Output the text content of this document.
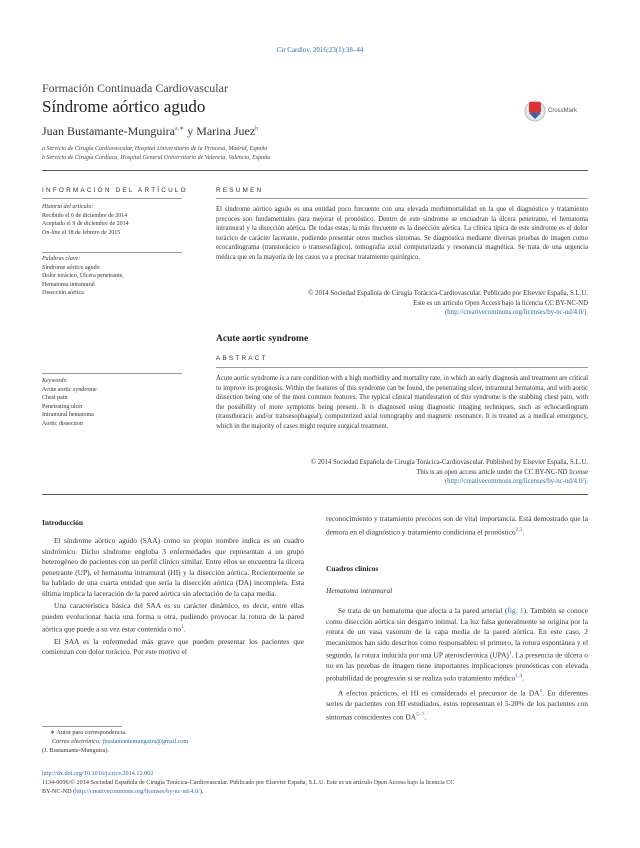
Cir Cardiov. 2016;23(1):38–44
Formación Continuada Cardiovascular
Síndrome aórtico agudo	CrossMark
Juan Bustamante-Munguira$^{a,∗}$ y Marina Juez$^b$
a Servicio de Cirugía Cardiovascular, Hospital Universitario de la Princesa, Madrid, España
b Servicio de Cirugía Cardíaca, Hospital General Universitario de Valencia, Valencia, España
INFORMACIÓN DEL ARTÍCULO
Historia del artículo:
Recibido el 6 de diciembre de 2014
Aceptado el 9 de diciembre de 2014
On-line el 18 de febrero de 2015
Palabras clave:
Síndrome aórtico agudo
Dolor torácico, Úlcera penetrante,
Hematoma intramural
Disección aórtica
Keywords:
Acute aortic syndrome
Chest pain
Penetrating ulcer
Intramural hematoma
Aortic dissection
RESUMEN
El síndrome aórtico agudo es una entidad poco frecuente con una elevada morbimortalidad en la que el diagnóstico y tratamiento precoces son fundamentales para mejorar el pronóstico. Dentro de este síndrome se encuadran la úlcera penetrante, el hematoma intramural y la disección aórtica. De todas estas, la más frecuente es la disección aórtica. La clínica típica de este síndrome es el dolor torácico de carácter lacerante, pudiendo presentar otros muchos síntomas. Se diagnostica mediante diversas pruebas de imagen como ecocardiograma (transtorácico o transesofágico), tomografía axial computarizada y resonancia magnética. Se trata de una urgencia médica que en la mayoría de los casos va a precisar tratamiento quirúrgico.
© 2014 Sociedad Española de Cirugía Torácica-Cardiovascular. Publicado por Elsevier España, S.L.U.
Este es un artículo Open Access bajo la licencia CC BY-NC-ND
(http://creativecommons.org/licenses/by-nc-nd/4.0/).
Acute aortic syndrome
ABSTRACT
Acute aortic syndrome is a rare condition with a high morbidity and mortality rate, in which an early diagnosis and treatment are critical to improve its prognosis. Within the features of this syndrome can be found, the penetrating ulcer, intramural hematoma, and with aortic dissection being one of the most common features. The typical clinical manifestation of this syndrome is the stabbing chest pain, with the possibility of more symptoms being present. It is diagnosed using diagnostic imaging techniques, such as echocardiogram (transthoracic and/or transesophageal), computerized axial tomography and magnetic resonance. It is treated as a medical emergency, which in the majority of cases might require surgical treatment.
© 2014 Sociedad Española de Cirugía Torácica-Cardiovascular. Published by Elsevier España, S.L.U.
This is an open access article under the CC BY-NC-ND license
(http://creativecommons.org/licenses/by-nc-nd/4.0/).
Introducción

El síndrome aórtico agudo (SAA) como su propio nombre indica es un cuadro sindrómico. Dicho síndrome engloba 3 enfermedades que representan a un grupo heterogéneo de pacientes con un perfil clínico similar. Entre ellos se encuentra la úlcera penetrante (UP), el hematoma intramural (HI) y la disección aórtica. Recientemente se ha hablado de una cuarta entidad que sería la disección aórtica (DA) incompleta. Esta última implica la laceración de la pared aórtica sin afectación de la capa media.

Una característica básica del SAA es su carácter dinámico, es decir, entre ellas pueden evolucionar hacia una forma u otra, pudiendo provocar la rotura de la pared aórtica que puede a su vez estar contenida o $no^1$.

El SAA es la enfermedad más grave que pueden presentar los pacientes que comienzan con dolor torácico. Por este motivo el

reconocimiento y tratamiento precoces son de vital importancia. Está demostrado que la demora en el diagnóstico y tratamiento condiciona el pronóstico$^{2,3}$.
Cuadros clínicos
Hematoma intramural

Se trata de un hematoma que afecta a la pared arterial (fig. 1). También se conoce como disección aórtica sin desgarro intimal. La luz falsa generalmente se origina por la rotura de un vasa vasorum de la capa media de la pared aórtica. En este caso, 2 mecanismos han sido descritos como responsables: el primero, la rotura espontánea y el segundo, la rotura inducida por una UP aterosclerótica (UPA)$^1$. La presencia de úlcera o no en las pruebas de imagen tiene importantes implicaciones pronósticas con elevada probabilidad de progresión si se realiza solo tratamiento médico$^{1,4}$.

A efectos prácticos, el HI es considerado el precursor de la $DA^1$. En diferentes series de pacientes con HI estudiados, estos representan el 5-20% de los pacientes con síntomas coincidentes con DA$^{5-7}$.

∗ Autor para correspondencia.
Correo electrónico: jbustamantemunguira@gmail.com
(J. Bustamante-Munguira).
http://dx.doi.org/10.1016/j.circv.2014.12.002
1134-0096/© 2014 Sociedad Española de Cirugía Torácica-Cardiovascular. Publicado por Elsevier España, S.L.U. Este es un artículo Open Access bajo la licencia CC
BY-NC-ND (http://creativecommons.org/licenses/by-nc-nd/4.0/).
